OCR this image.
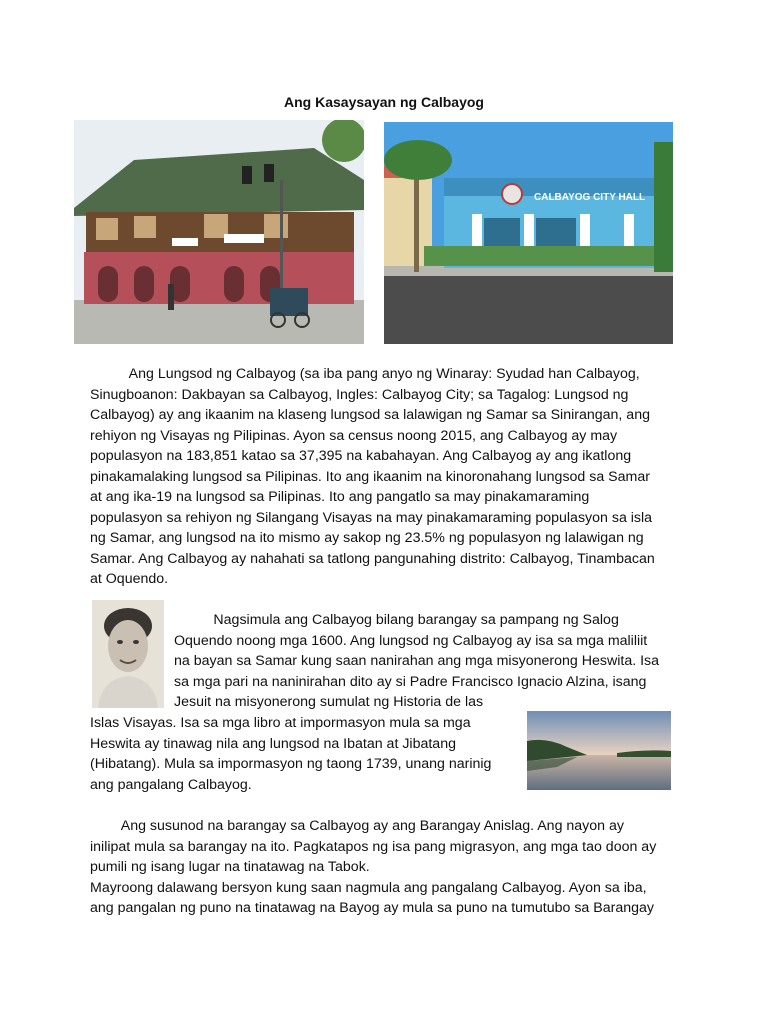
Ang Kasaysayan ng Calbayog
CALBAYOG CITY HALL
Ang Lungsod ng Calbayog (sa iba pang anyo ng Winaray: Syudad han Calbayog,
Sinugboanon: Dakbayan sa Calbayog, Ingles: Calbayog City; sa Tagalog: Lungsod ng
Calbayog) ay ang ikaanim na klaseng lungsod sa lalawigan ng Samar sa Sinirangan, ang
rehiyon ng Visayas ng Pilipinas. Ayon sa census noong 2015, ang Calbayog ay may
populasyon na 183,851 katao sa 37,395 na kabahayan. Ang Calbayog ay ang ikatlong
pinakamalaking lungsod sa Pilipinas. Ito ang ikaanim na kinoronahang lungsod sa Samar
at ang ika-19 na lungsod sa Pilipinas. Ito ang pangatlo sa may pinakamaraming
populasyon sa rehiyon ng Silangang Visayas na may pinakamaraming populasyon sa isla
ng Samar, ang lungsod na ito mismo ay sakop ng 23.5% ng populasyon ng lalawigan ng
Samar. Ang Calbayog ay nahahati sa tatlong pangunahing distrito: Calbayog, Tinambacan
at Oquendo.
Nagsimula ang Calbayog bilang barangay sa pampang ng Salog
Oquendo noong mga 1600. Ang lungsod ng Calbayog ay isa sa mga maliliit
na bayan sa Samar kung saan nanirahan ang mga misyonerong Heswita. Isa
sa mga pari na naninirahan dito ay si Padre Francisco Ignacio Alzina, isang
Jesuit na misyonerong sumulat ng Historia de las
Islas Visayas. Isa sa mga libro at impormasyon mula sa mga
Heswita ay tinawag nila ang lungsod na Ibatan at Jibatang
(Hibatang). Mula sa impormasyon ng taong 1739, unang narinig
ang pangalang Calbayog.
Ang susunod na barangay sa Calbayog ay ang Barangay Anislag. Ang nayon ay
inilipat mula sa barangay na ito. Pagkatapos ng isa pang migrasyon, ang mga tao doon ay
pumili ng isang lugar na tinatawag na Tabok.
Mayroong dalawang bersyon kung saan nagmula ang pangalang Calbayog. Ayon sa iba,
ang pangalan ng puno na tinatawag na Bayog ay mula sa puno na tumutubo sa Barangay
